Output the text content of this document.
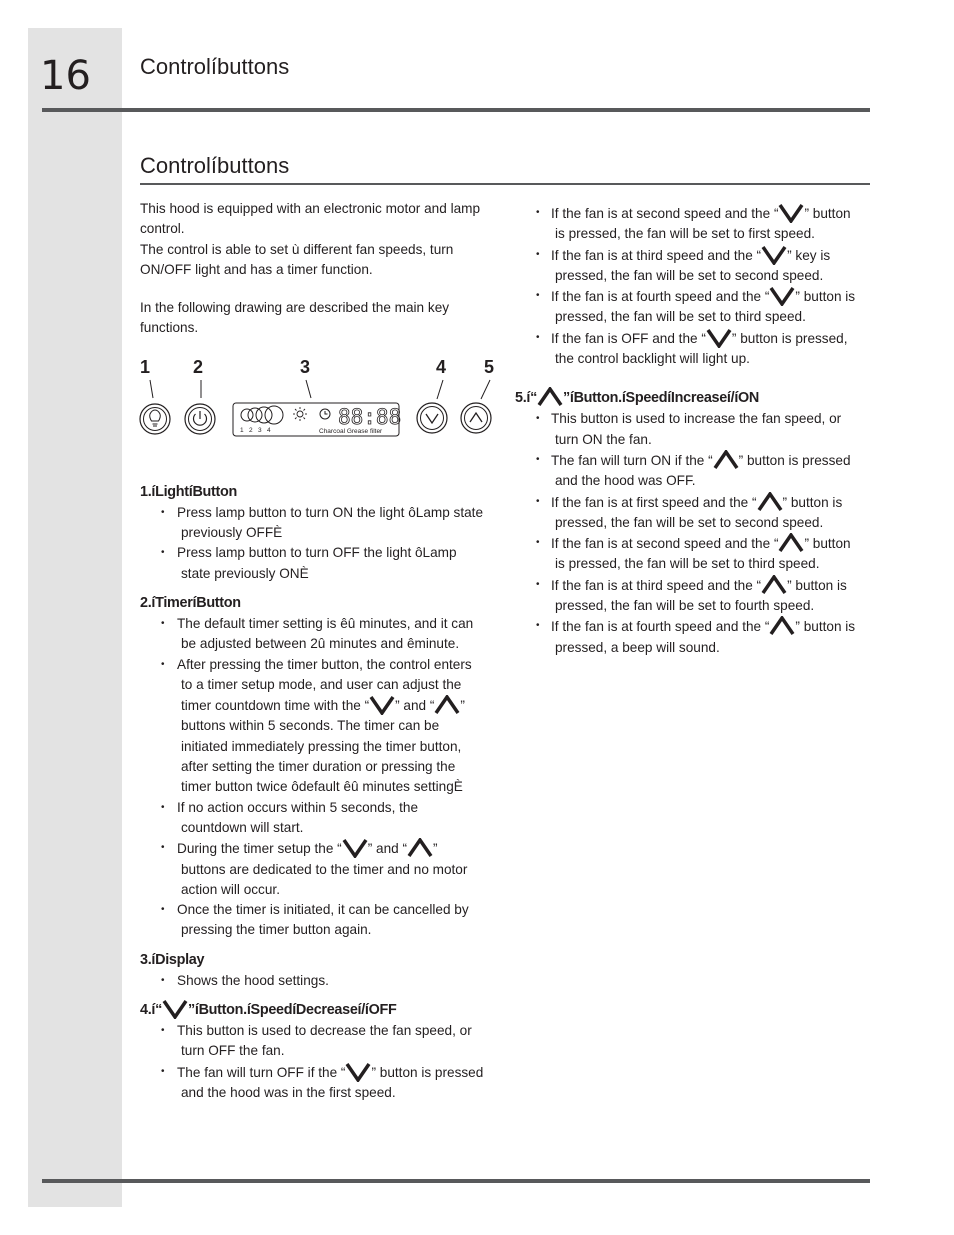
16 Controlíbuttons
Controlíbuttons

This hood is equipped with an electronic motor and lamp control.

The control is able to set ù different fan speeds, turn ON/OFF light and has a timer function.

In the following drawing are described the main key functions.

1.íLightíButton

• Press lamp button to turn ON the light ôLamp state previously OFFÈ
• Press lamp button to turn OFF the light ôLamp state previously ONÈ

2.íTimeríButton

• The default timer setting is êû minutes, and it can be adjusted between 2û minutes and êminute.
• After pressing the timer button, the control enters to a timer setup mode, and user can adjust the timer countdown time with the “ ” and “ ” buttons within 5 seconds. The timer can be initiated immediately pressing the timer button, after setting the timer duration or pressing the timer button twice ôdefault êû minutes settingÈ
• If no action occurs within 5 seconds, the countdown will start.
• During the timer setup the “ ” and “ ” buttons are dedicated to the timer and no motor action will occur.
• Once the timer is initiated, it can be cancelled by pressing the timer button again.

3.íDisplay

• Shows the hood settings.

4.í“ ”íButton.íSpeedíDecreaseí/íOFF

• This button is used to decrease the fan speed, or turn OFF the fan.
• The fan will turn OFF if the “ ” button is pressed and the hood was in the first speed.
1 2	3	4 5
1 2 3 4
88:88
Charcoal Grease filter
• If the fan is at second speed and the “ ” button is pressed, the fan will be set to first speed.
• If the fan is at third speed and the “ ” key is pressed, the fan will be set to second speed.
• If the fan is at fourth speed and the “ ” button is pressed, the fan will be set to third speed.
• If the fan is OFF and the “ ” button is pressed, the control backlight will light up.

5.í“ ”íButton.íSpeedíIncreaseí/íON

• This button is used to increase the fan speed, or turn ON the fan.
• The fan will turn ON if the “ ” button is pressed and the hood was OFF.
• If the fan is at first speed and the “ ” button is pressed, the fan will be set to second speed.
• If the fan is at second speed and the “ ” button is pressed, the fan will be set to third speed.
• If the fan is at third speed and the “ ” button is pressed, the fan will be set to fourth speed.
• If the fan is at fourth speed and the “ ” button is pressed, a beep will sound.
